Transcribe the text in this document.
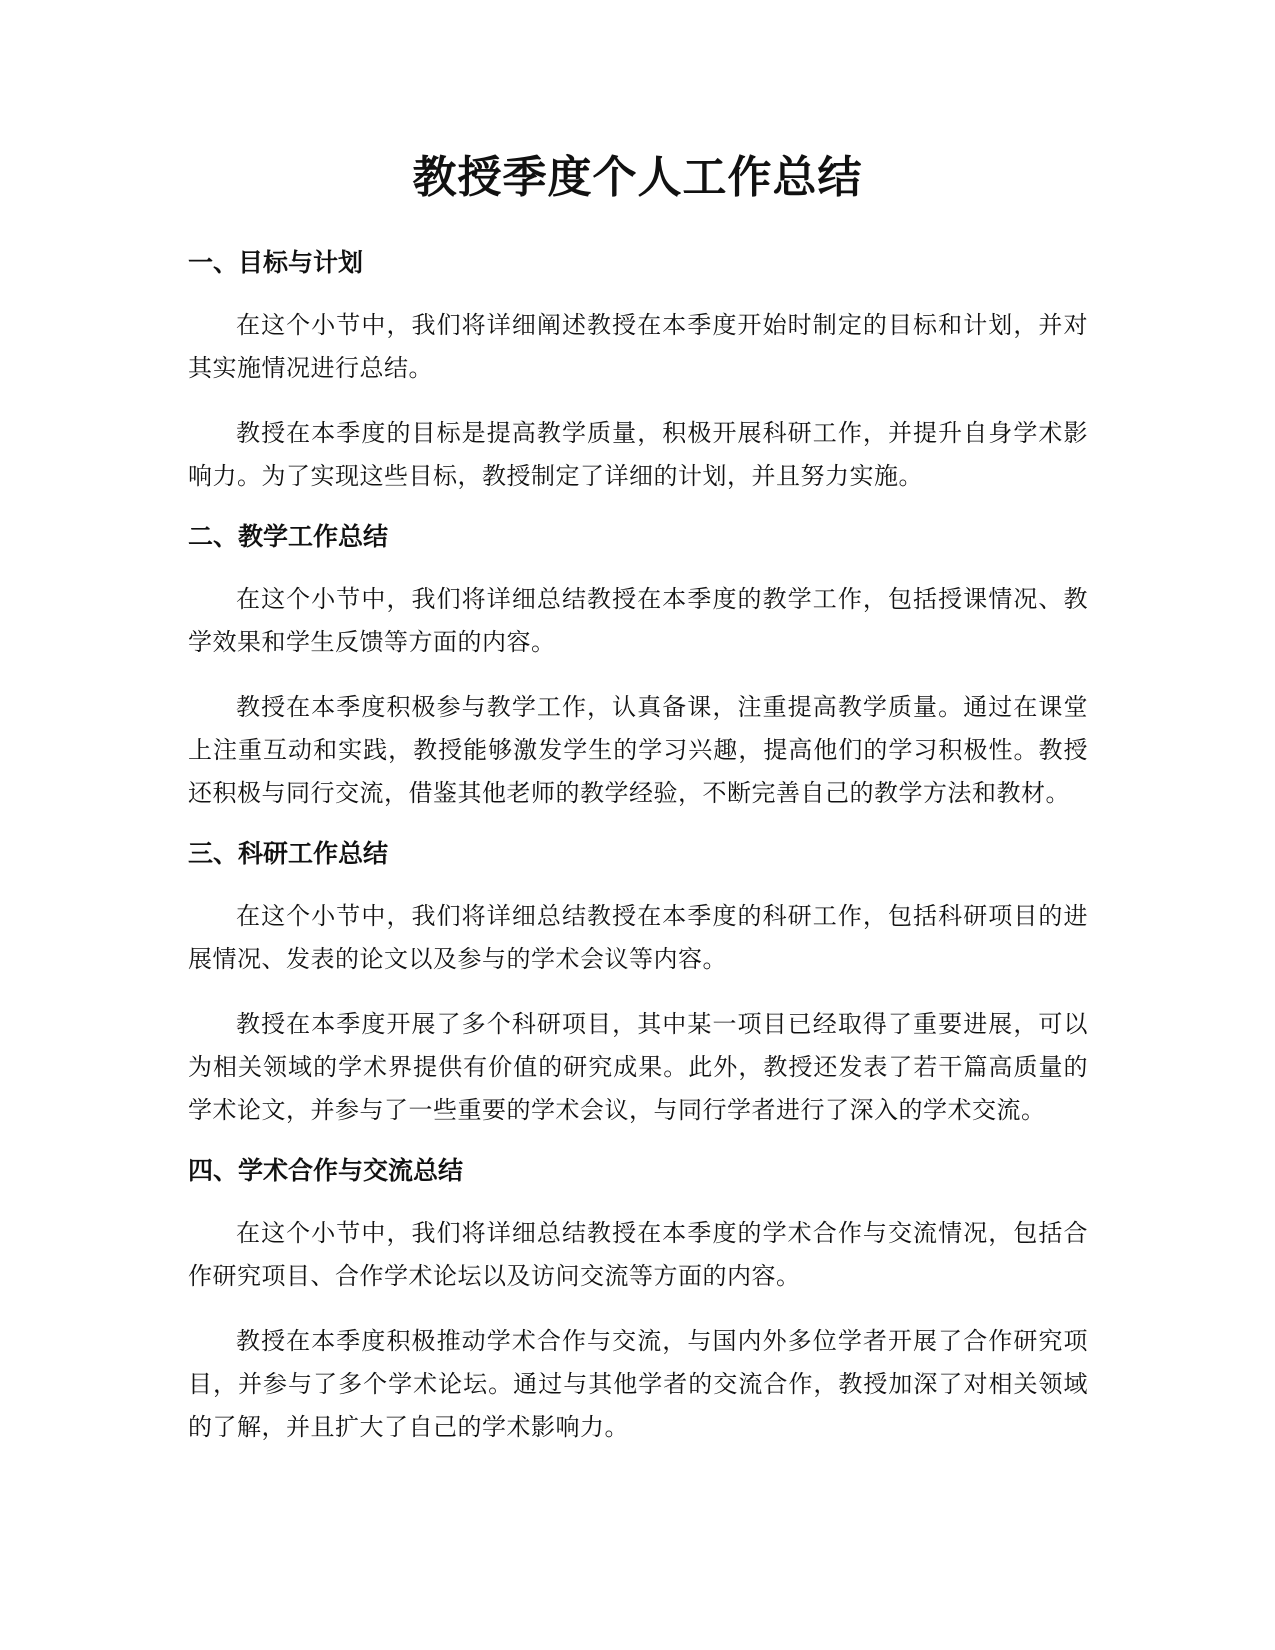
教授季度个人工作总结
一、目标与计划

在这个小节中，我们将详细阐述教授在本季度开始时制定的目标和计划，并对其实施情况进行总结。

教授在本季度的目标是提高教学质量，积极开展科研工作，并提升自身学术影响力。为了实现这些目标，教授制定了详细的计划，并且努力实施。

二、教学工作总结

在这个小节中，我们将详细总结教授在本季度的教学工作，包括授课情况、教学效果和学生反馈等方面的内容。

教授在本季度积极参与教学工作，认真备课，注重提高教学质量。通过在课堂上注重互动和实践，教授能够激发学生的学习兴趣，提高他们的学习积极性。教授还积极与同行交流，借鉴其他老师的教学经验，不断完善自己的教学方法和教材。

三、科研工作总结

在这个小节中，我们将详细总结教授在本季度的科研工作，包括科研项目的进展情况、发表的论文以及参与的学术会议等内容。

教授在本季度开展了多个科研项目，其中某一项目已经取得了重要进展，可以为相关领域的学术界提供有价值的研究成果。此外，教授还发表了若干篇高质量的学术论文，并参与了一些重要的学术会议，与同行学者进行了深入的学术交流。

四、学术合作与交流总结

在这个小节中，我们将详细总结教授在本季度的学术合作与交流情况，包括合作研究项目、合作学术论坛以及访问交流等方面的内容。

教授在本季度积极推动学术合作与交流，与国内外多位学者开展了合作研究项目，并参与了多个学术论坛。通过与其他学者的交流合作，教授加深了对相关领域的了解，并且扩大了自己的学术影响力。
